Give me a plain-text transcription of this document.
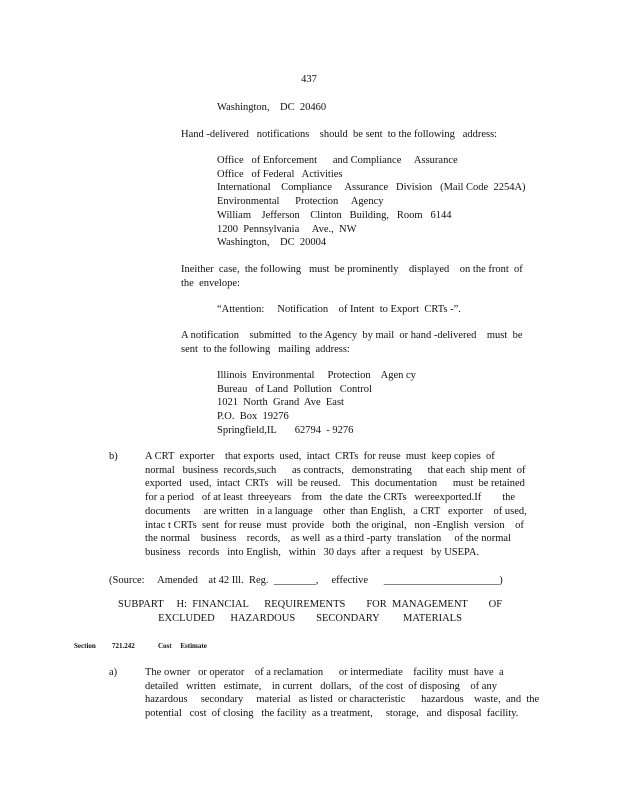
437
Washington,    DC  20460
Hand -delivered   notifications    should  be sent  to the following   address:
Office   of Enforcement      and Compliance     Assurance
Office   of Federal   Activities
International    Compliance     Assurance   Division   (Mail Code  2254A)
Environmental      Protection     Agency
William    Jefferson    Clinton   Building,   Room   6144
1200  Pennsylvania     Ave.,  NW
Washington,    DC  20004
Ineither  case,  the following   must  be prominently    displayed    on the front  of
the  envelope:
“Attention:     Notification    of Intent  to Export  CRTs -”.
A notification    submitted   to the Agency  by mail  or hand -delivered    must  be
sent  to the following   mailing  address:
Illinois  Environmental     Protection    Agen cy
Bureau   of Land  Pollution   Control
1021  North  Grand  Ave  East
P.O.  Box  19276
Springfield,IL       62794  - 9276
b)	A CRT  exporter    that exports  used,  intact  CRTs  for reuse  must  keep copies  of
normal   business  records,such      as contracts,   demonstrating      that each  ship ment  of
exported   used,  intact  CRTs   will  be reused.    This  documentation      must  be retained
for a period   of at least  threeyears    from   the date  the CRTs   wereexported.If        the
documents     are written   in a language    other  than English,   a CRT   exporter    of used,
intac t CRTs  sent  for reuse  must  provide   both  the original,   non -English  version    of
the normal    business    records,    as well  as a third -party  translation     of the normal
business   records   into English,   within   30 days  after  a request   by USEPA.
(Source:     Amended    at 42 Ill.  Reg.  ________,     effective      ______________________)
SUBPART     H:  FINANCIAL      REQUIREMENTS        FOR  MANAGEMENT        OF
EXCLUDED      HAZARDOUS        SECONDARY         MATERIALS
Section 721.242	Cost     Estimate
a)	The owner   or operator    of a reclamation      or intermediate    facility  must  have  a
detailed   written   estimate,    in current   dollars,   of the cost  of disposing    of any
hazardous     secondary     material   as listed  or characteristic      hazardous    waste,  and  the
potential   cost  of closing   the facility  as a treatment,     storage,   and  disposal  facility.
